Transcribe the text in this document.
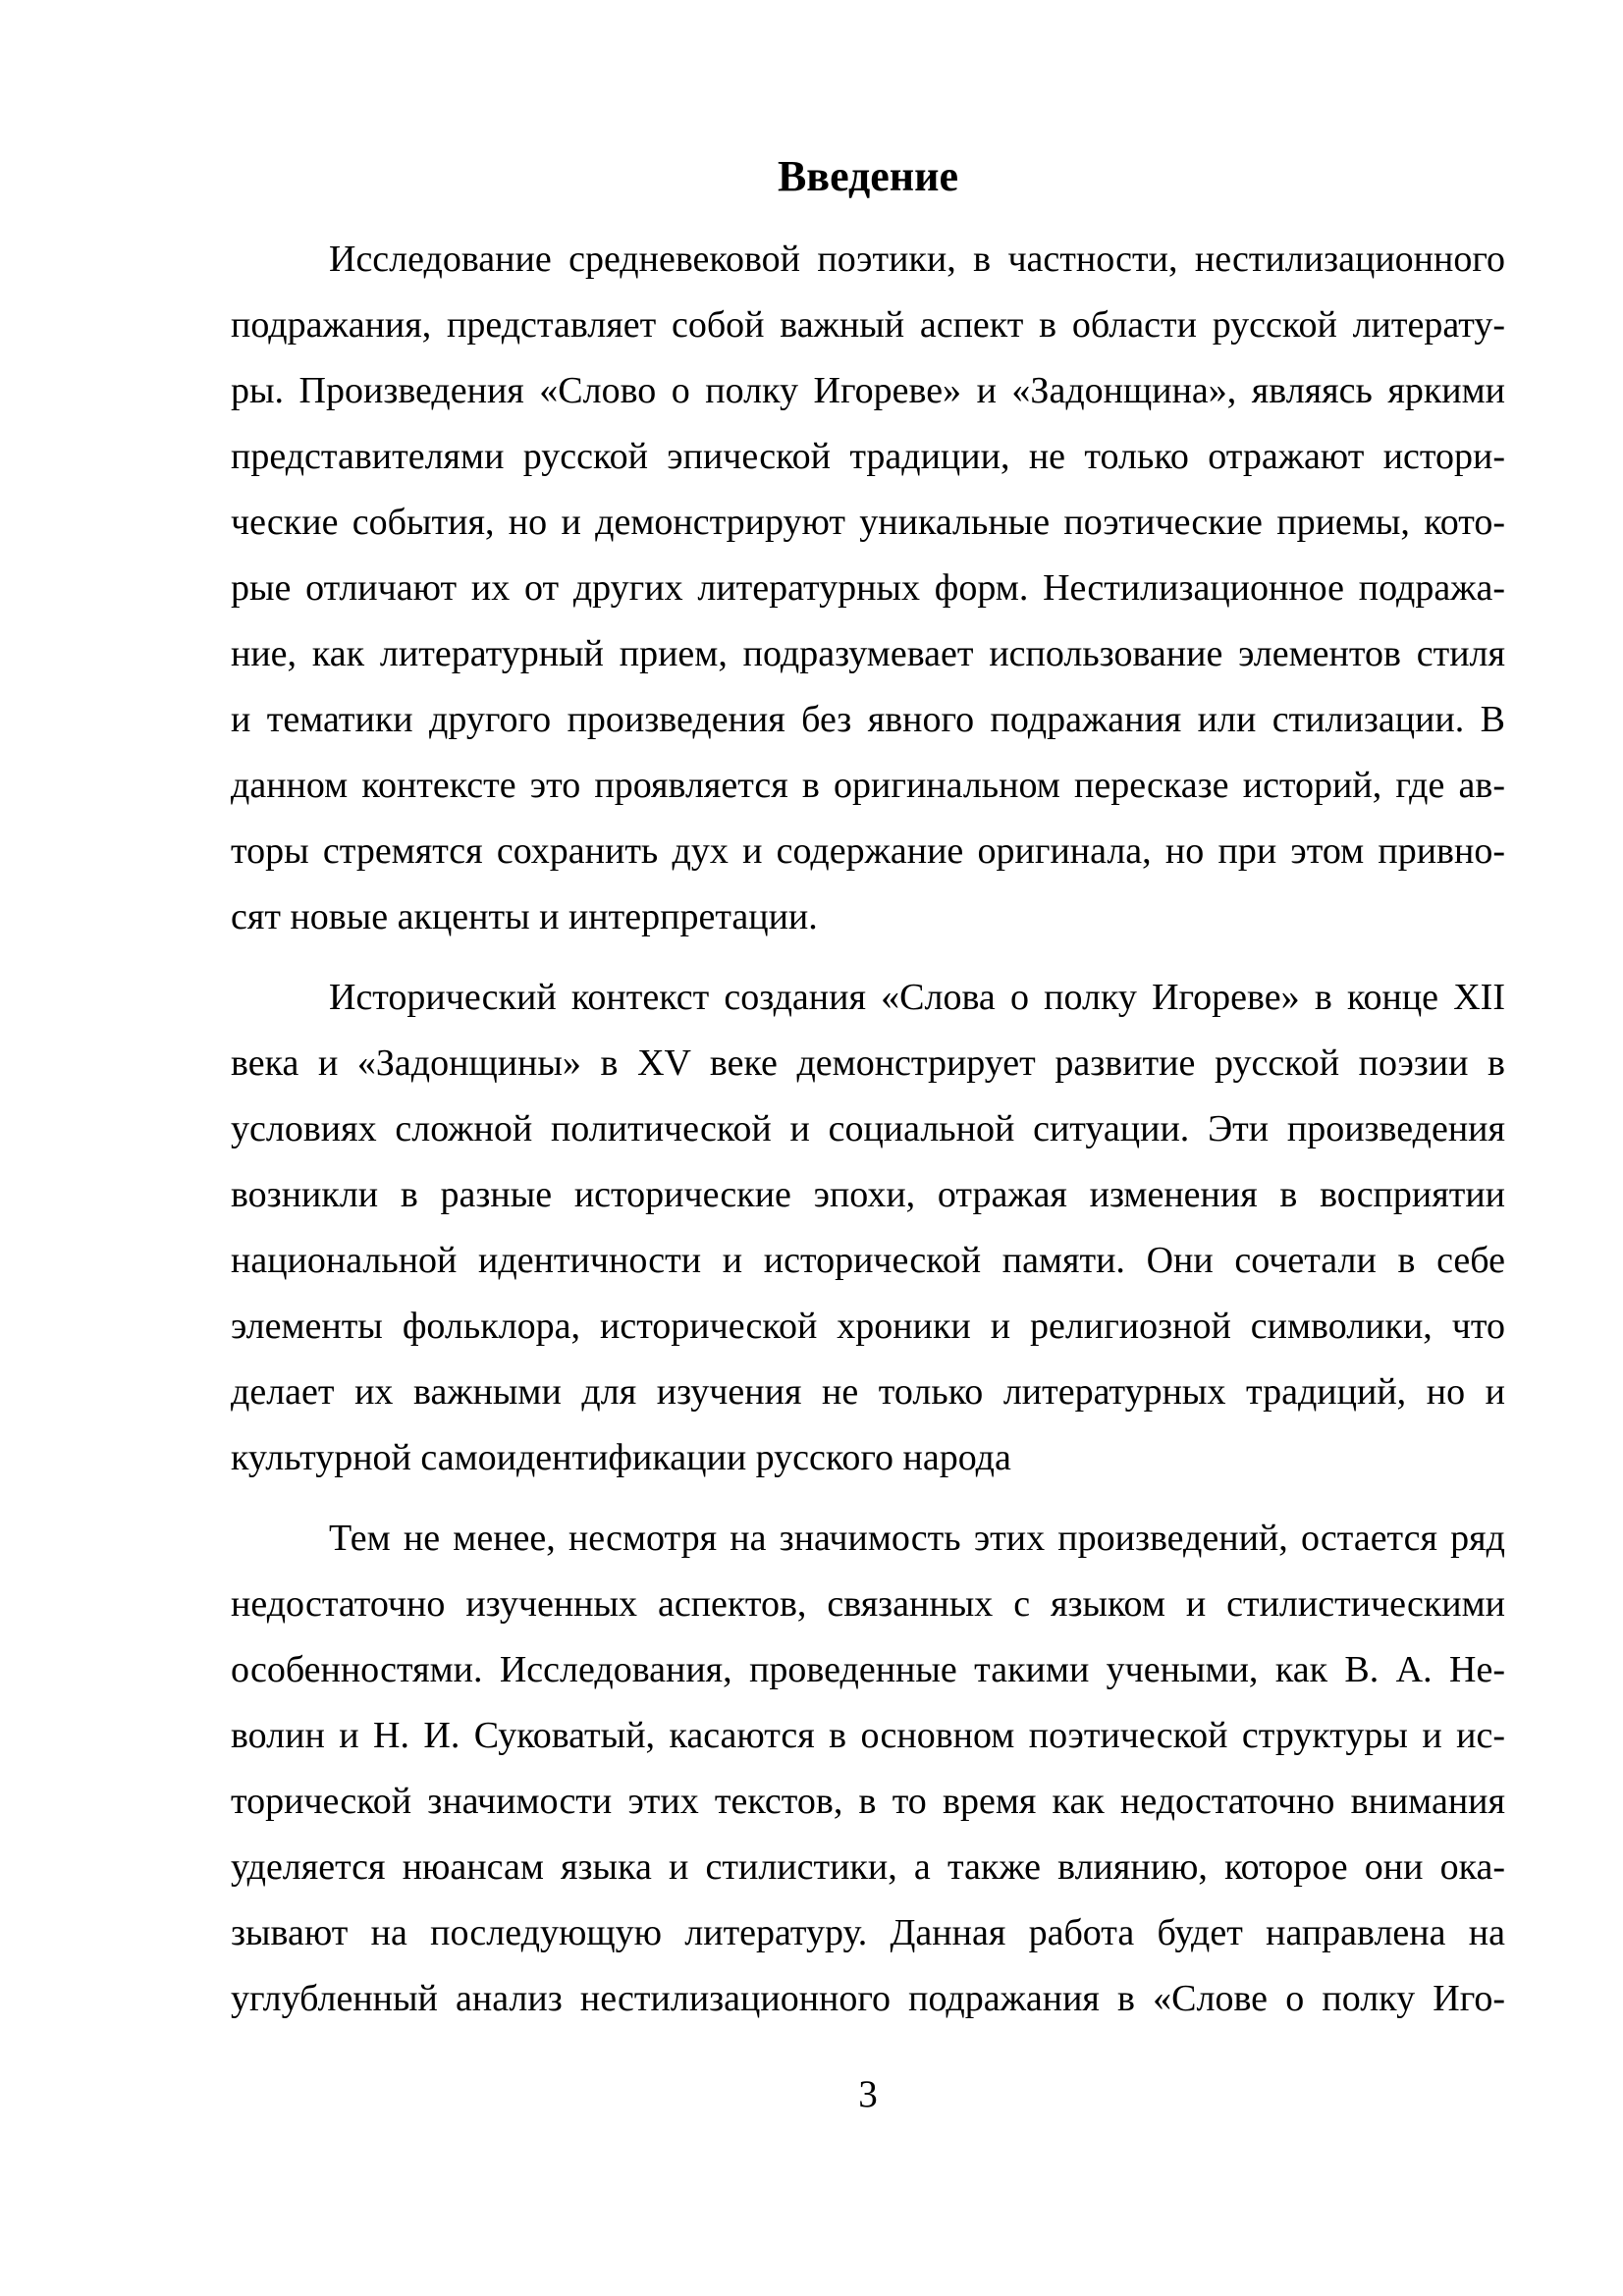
Введение
Исследование средневековой поэтики, в частности, нестилизационного
подражания, представляет собой важный аспект в области русской литерату-
ры. Произведения «Слово о полку Игореве» и «Задонщина», являясь яркими
представителями русской эпической традиции, не только отражают истори-
ческие события, но и демонстрируют уникальные поэтические приемы, кото-
рые отличают их от других литературных форм. Нестилизационное подража-
ние, как литературный прием, подразумевает использование элементов стиля
и тематики другого произведения без явного подражания или стилизации. В
данном контексте это проявляется в оригинальном пересказе историй, где ав-
торы стремятся сохранить дух и содержание оригинала, но при этом привно-
сят новые акценты и интерпретации.
Исторический контекст создания «Слова о полку Игореве» в конце XII
века и «Задонщины» в XV веке демонстрирует развитие русской поэзии в
условиях сложной политической и социальной ситуации. Эти произведения
возникли в разные исторические эпохи, отражая изменения в восприятии
национальной идентичности и исторической памяти. Они сочетали в себе
элементы фольклора, исторической хроники и религиозной символики, что
делает их важными для изучения не только литературных традиций, но и
культурной самоидентификации русского народа
Тем не менее, несмотря на значимость этих произведений, остается ряд
недостаточно изученных аспектов, связанных с языком и стилистическими
особенностями. Исследования, проведенные такими учеными, как В. А. Не-
волин и Н. И. Суковатый, касаются в основном поэтической структуры и ис-
торической значимости этих текстов, в то время как недостаточно внимания
уделяется нюансам языка и стилистики, а также влиянию, которое они ока-
зывают на последующую литературу. Данная работа будет направлена на
углубленный анализ нестилизационного подражания в «Слове о полку Иго-
3
